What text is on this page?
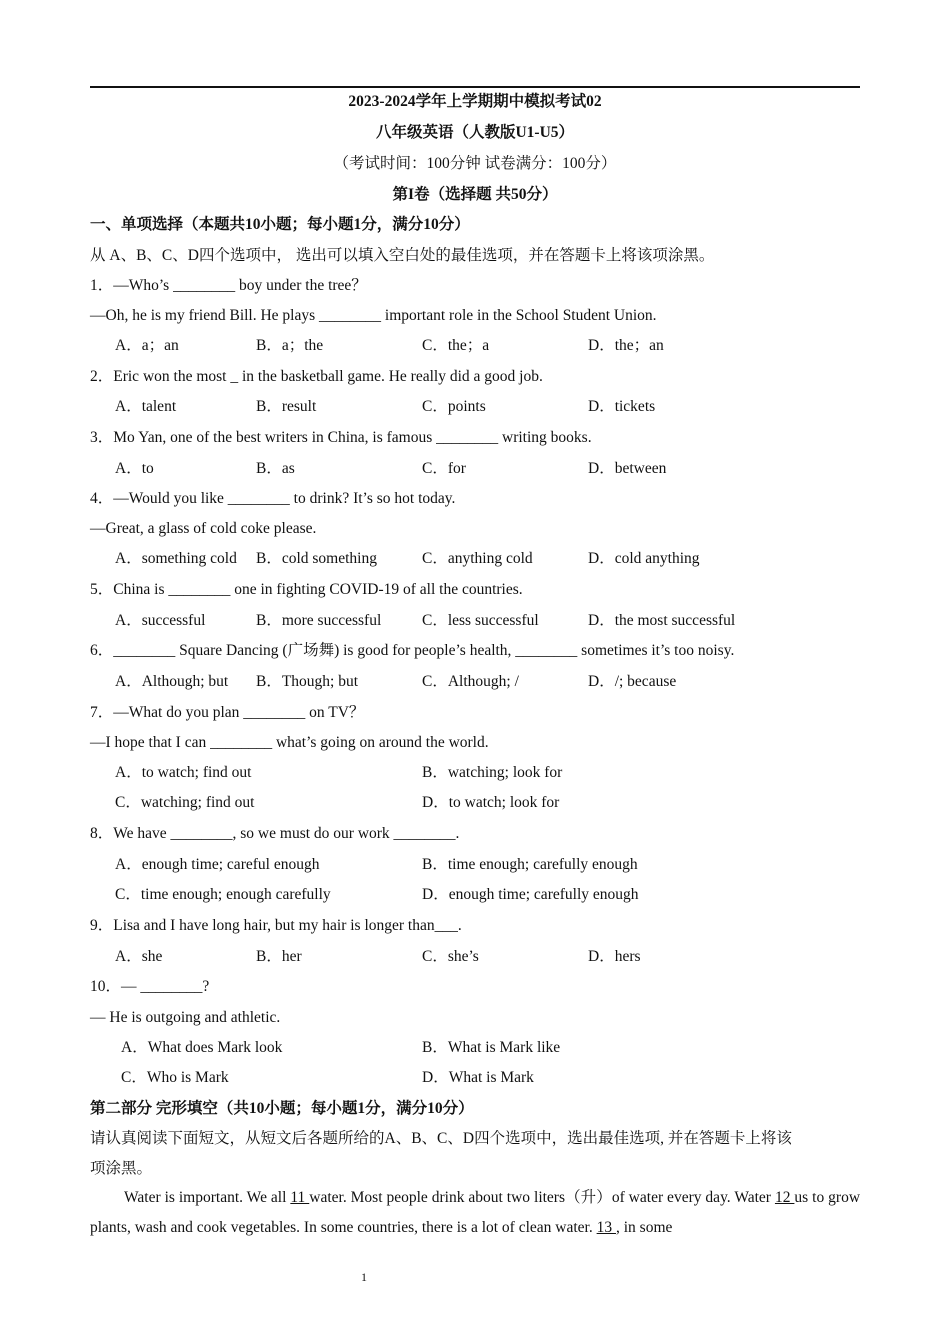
2023-2024学年上学期期中模拟考试02
八年级英语（人教版U1-U5）
（考试时间：100分钟 试卷满分：100分）
第I卷（选择题 共50分）
一、单项选择（本题共10小题；每小题1分，满分10分）
从 A、B、C、D四个选项中， 选出可以填入空白处的最佳选项，并在答题卡上将该项涂黑。
1．—Who’s ________ boy under the tree？
—Oh, he is my friend Bill. He plays ________ important role in the School Student Union.
A．a；an	B．a；the	C．the；a	D．the；an
2．Eric won the most _ in the basketball game. He really did a good job.
A．talent	B．result	C．points	D．tickets
3．Mo Yan, one of the best writers in China, is famous ________ writing books.
A．to	B．as	C．for	D．between
4．—Would you like ________ to drink? It’s so hot today.
—Great, a glass of cold coke please.
A．something cold B．cold something	C．anything cold	D．cold anything
5．China is ________ one in fighting COVID-19 of all the countries.
A．successful	B．more successful	C．less successful	D．the most successful
6．________ Square Dancing (广场舞) is good for people’s health, ________ sometimes it’s too noisy.
A．Although; but B．Though; but	C．Although; /	D．/; because
7．—What do you plan ________ on TV？
—I hope that I can ________ what’s going on around the world.
A．to watch; find out	B．watching; look for
C．watching; find out	D．to watch; look for
8．We have ________, so we must do our work ________.
A．enough time; careful enough	B．time enough; carefully enough
C．time enough; enough carefully	D．enough time; carefully enough
9．Lisa and I have long hair, but my hair is longer than___.
A．she	B．her	C．she’s	D．hers
10．— ________?
— He is outgoing and athletic.
A．What does Mark look	B．What is Mark like
C．Who is Mark	D．What is Mark
第二部分 完形填空（共10小题；每小题1分，满分10分）
请认真阅读下面短文，从短文后各题所给的A、B、C、D四个选项中，选出最佳选项, 并在答题卡上将该
项涂黑。
Water is important. We all 11 water. Most people drink about two liters（升）of water every day. Water 12 us to grow plants, wash and cook vegetables. In some countries, there is a lot of clean water. 13 , in some
1
